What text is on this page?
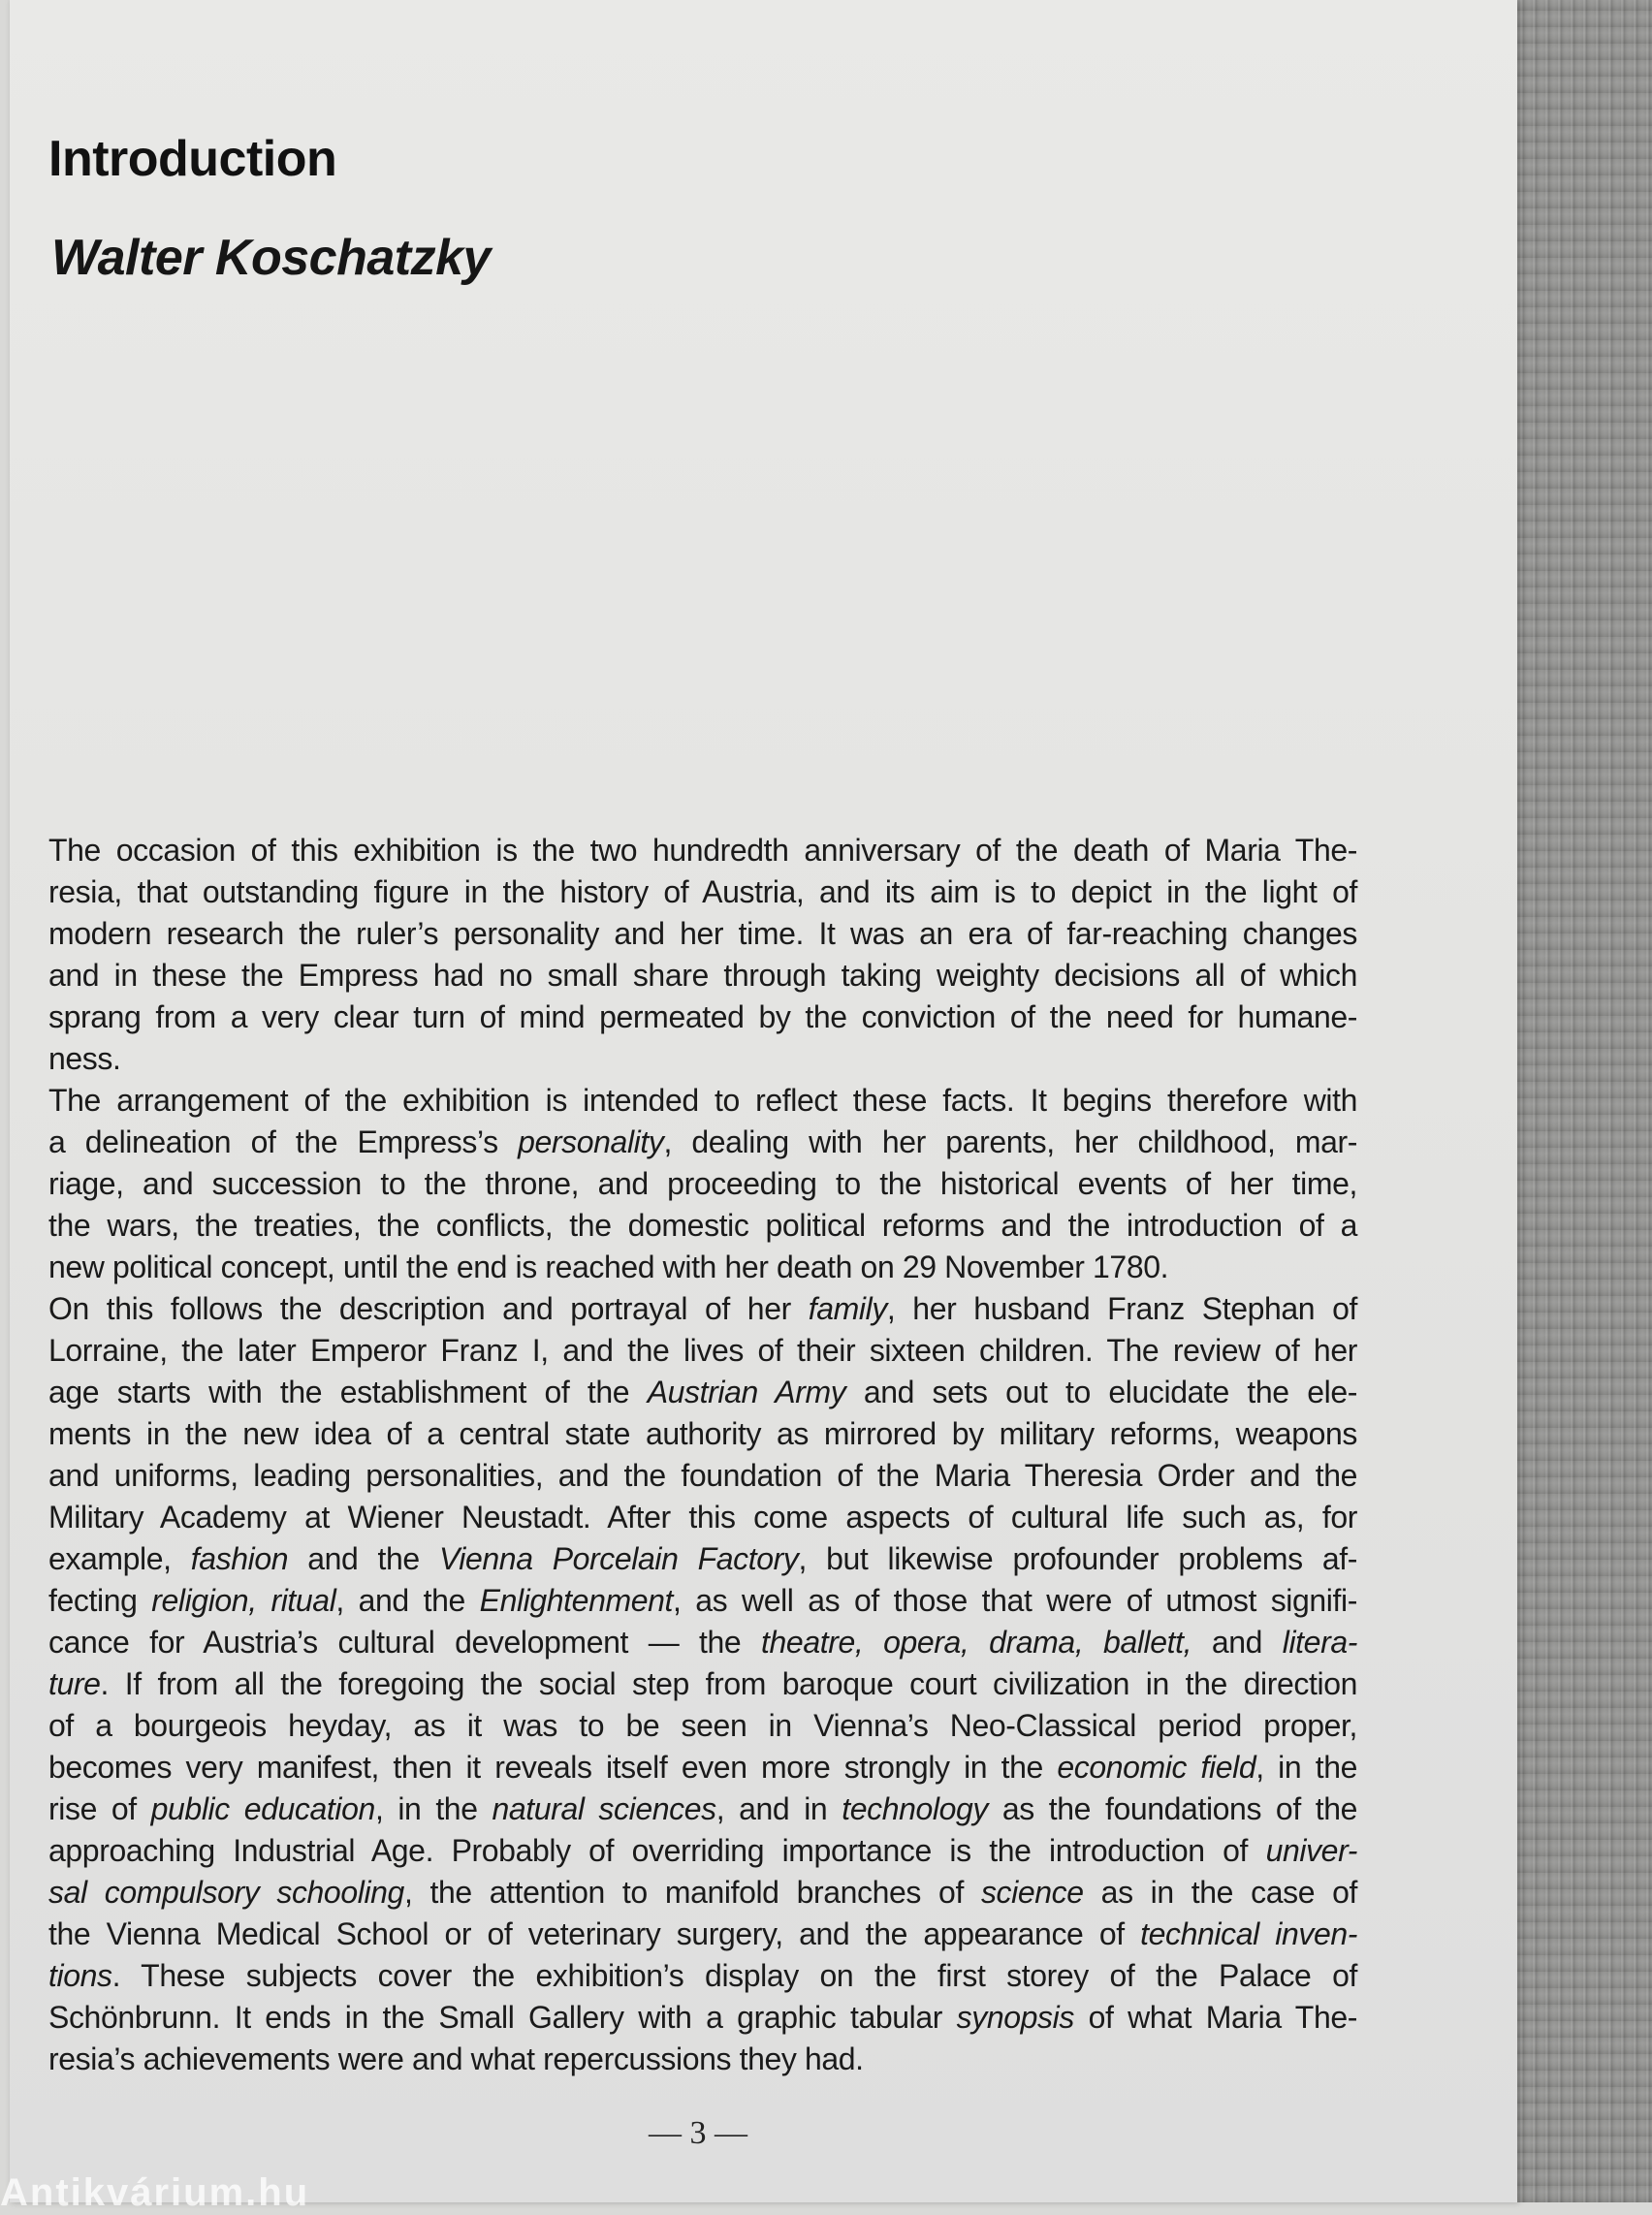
Introduction
Walter Koschatzky

The occasion of this exhibition is the two hundredth anniversary of the death of Maria The-
resia, that outstanding figure in the history of Austria, and its aim is to depict in the light of
modern research the ruler’s personality and her time. It was an era of far-reaching changes
and in these the Empress had no small share through taking weighty decisions all of which
sprang from a very clear turn of mind permeated by the conviction of the need for humane-
ness.

The arrangement of the exhibition is intended to reflect these facts. It begins therefore with
a delineation of the Empress’s personality, dealing with her parents, her childhood, mar-
riage, and succession to the throne, and proceeding to the historical events of her time,
the wars, the treaties, the conflicts, the domestic political reforms and the introduction of a
new political concept, until the end is reached with her death on 29 November 1780.

On this follows the description and portrayal of her family, her husband Franz Stephan of
Lorraine, the later Emperor Franz I, and the lives of their sixteen children. The review of her
age starts with the establishment of the Austrian Army and sets out to elucidate the ele-
ments in the new idea of a central state authority as mirrored by military reforms, weapons
and uniforms, leading personalities, and the foundation of the Maria Theresia Order and the
Military Academy at Wiener Neustadt. After this come aspects of cultural life such as, for
example, fashion and the Vienna Porcelain Factory, but likewise profounder problems af-
fecting religion, ritual, and the Enlightenment, as well as of those that were of utmost signifi-
cance for Austria’s cultural development — the theatre, opera, drama, ballett, and litera-
ture. If from all the foregoing the social step from baroque court civilization in the direction
of a bourgeois heyday, as it was to be seen in Vienna’s Neo-Classical period proper,
becomes very manifest, then it reveals itself even more strongly in the economic field, in the
rise of public education, in the natural sciences, and in technology as the foundations of the
approaching Industrial Age. Probably of overriding importance is the introduction of univer-
sal compulsory schooling, the attention to manifold branches of science as in the case of
the Vienna Medical School or of veterinary surgery, and the appearance of technical inven-
tions. These subjects cover the exhibition’s display on the first storey of the Palace of
Schönbrunn. It ends in the Small Gallery with a graphic tabular synopsis of what Maria The-
resia’s achievements were and what repercussions they had.

— 3 —
Antikvárium.hu
